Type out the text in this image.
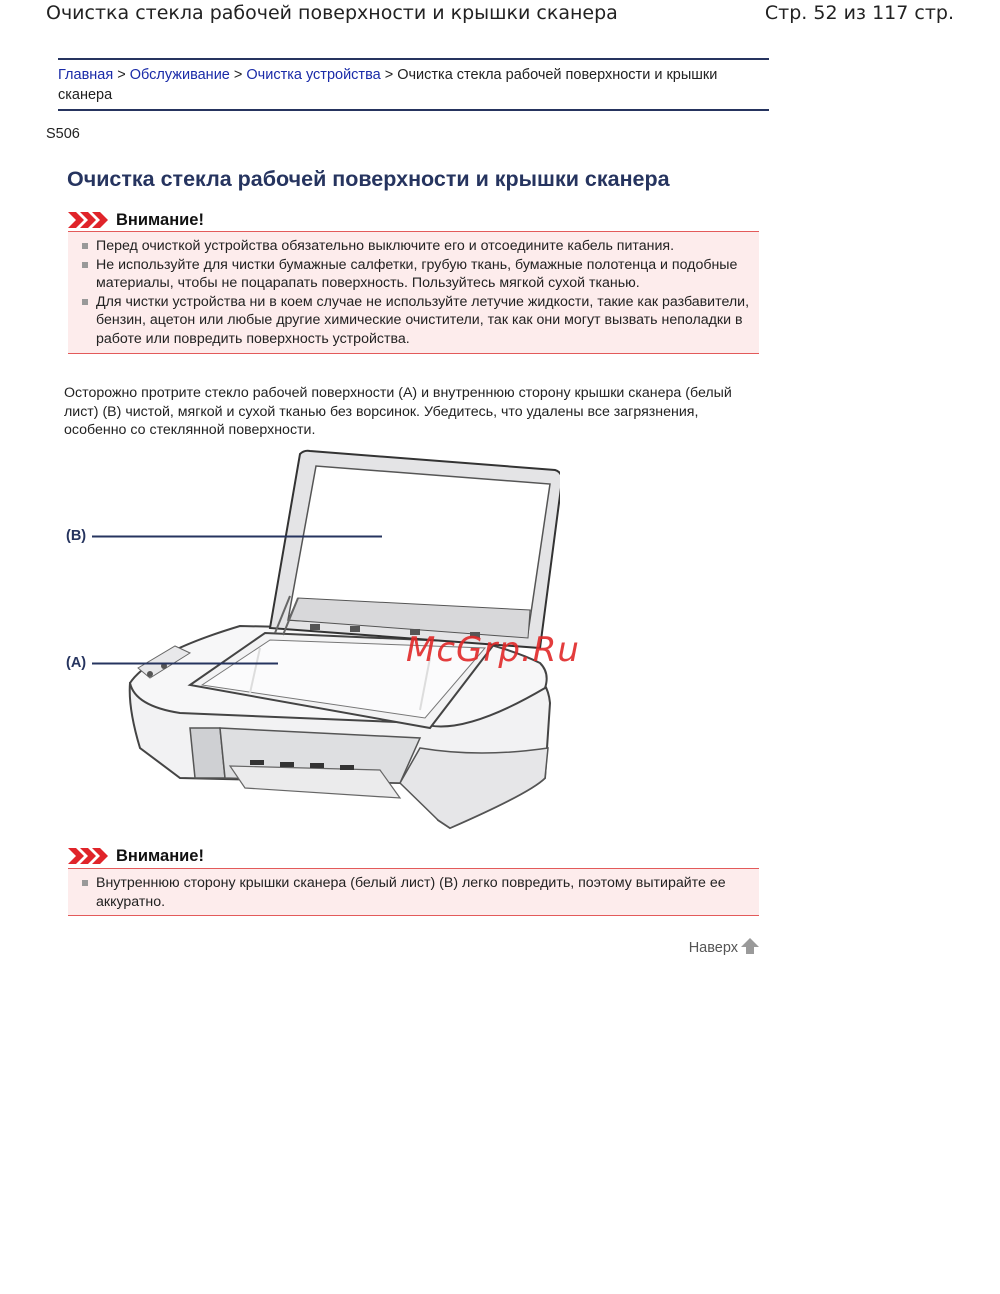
Очистка стекла рабочей поверхности и крышки сканера	Стр. 52 из 117 стр.
Главная > Обслуживание > Очистка устройства > Очистка стекла рабочей поверхности и крышки сканера
S506
Очистка стекла рабочей поверхности и крышки сканера
Внимание!
Перед очисткой устройства обязательно выключите его и отсоедините кабель питания.
Не используйте для чистки бумажные салфетки, грубую ткань, бумажные полотенца и подобные материалы, чтобы не поцарапать поверхность. Пользуйтесь мягкой сухой тканью.
Для чистки устройства ни в коем случае не используйте летучие жидкости, такие как разбавители, бензин, ацетон или любые другие химические очистители, так как они могут вызвать неполадки в работе или повредить поверхность устройства.
Осторожно протрите стекло рабочей поверхности (A) и внутреннюю сторону крышки сканера (белый лист) (B) чистой, мягкой и сухой тканью без ворсинок. Убедитесь, что удалены все загрязнения, особенно со стеклянной поверхности.
(B)
(A)	McGrp.Ru
Внимание!
Внутреннюю сторону крышки сканера (белый лист) (B) легко повредить, поэтому вытирайте ее аккуратно.
Наверх
